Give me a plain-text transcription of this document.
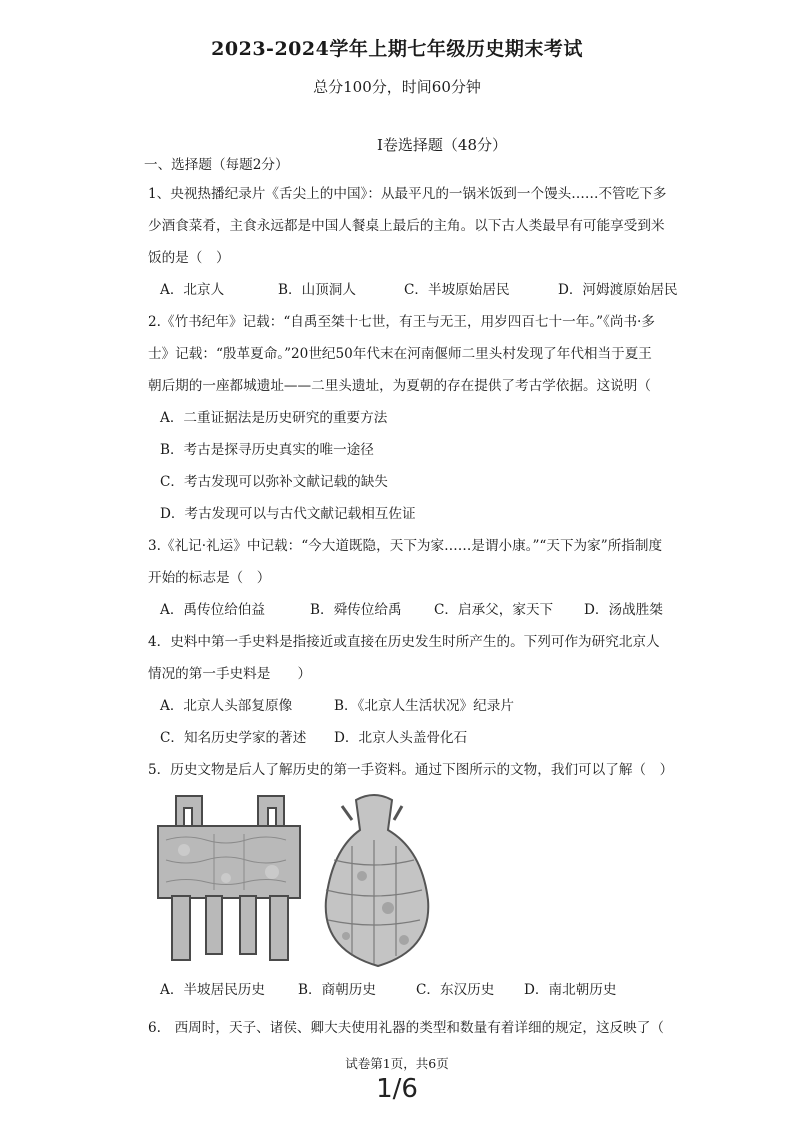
2023-2024学年上期七年级历史期末考试
总分100分，时间60分钟
Ⅰ卷选择题（48分）
一、选择题（每题2分）
1、央视热播纪录片《舌尖上的中国》：从最平凡的一锅米饭到一个馒头……不管吃下多
少酒食菜肴，主食永远都是中国人餐桌上最后的主角。以下古人类最早有可能享受到米
饭的是（　）
A．北京人	B．山顶洞人	C．半坡原始居民	D．河姆渡原始居民
2.《竹书纪年》记载：“自禹至桀十七世，有王与无王，用岁四百七十一年。”《尚书·多
士》记载：“殷革夏命。”20世纪50年代末在河南偃师二里头村发现了年代相当于夏王
朝后期的一座都城遗址——二里头遗址，为夏朝的存在提供了考古学依据。这说明（
A．二重证据法是历史研究的重要方法
B．考古是探寻历史真实的唯一途径
C．考古发现可以弥补文献记载的缺失
D．考古发现可以与古代文献记载相互佐证
3.《礼记·礼运》中记载：“今大道既隐，天下为家……是谓小康。”“天下为家”所指制度
开始的标志是（　）
A．禹传位给伯益	B．舜传位给禹 C．启承父，家天下 D．汤战胜桀
4．史料中第一手史料是指接近或直接在历史发生时所产生的。下列可作为研究北京人
情况的第一手史料是　　）
A．北京人头部复原像	B．《北京人生活状况》纪录片
C．知名历史学家的著述 D．北京人头盖骨化石
5．历史文物是后人了解历史的第一手资料。通过下图所示的文物，我们可以了解（　）
A．半坡居民历史 B．商朝历史	C．东汉历史 D．南北朝历史
6.　西周时，天子、诸侯、卿大夫使用礼器的类型和数量有着详细的规定，这反映了（
试卷第1页，共6页
1/6
